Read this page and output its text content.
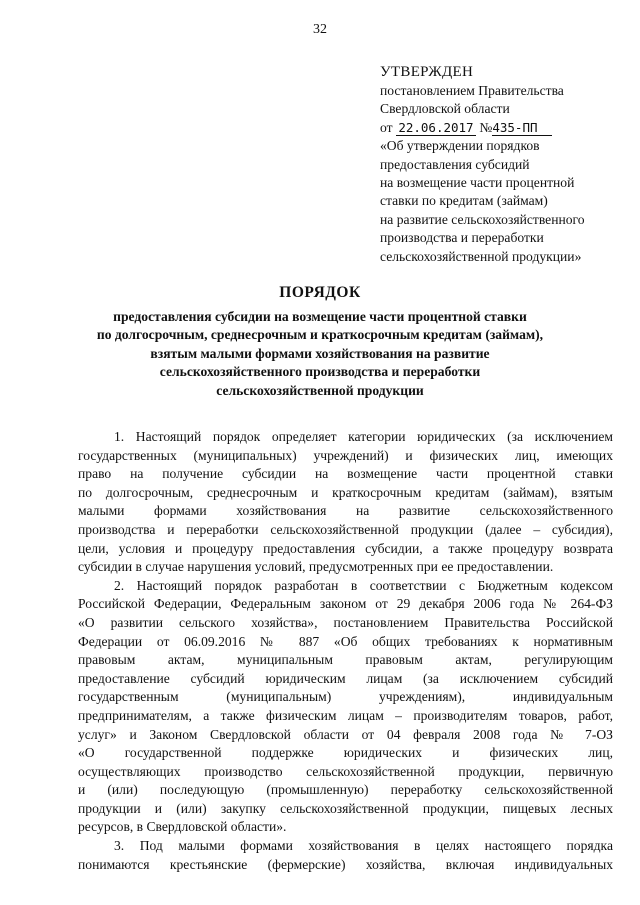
32
УТВЕРЖДЕН
постановлением Правительства
Свердловской области
от 22.06.2017 №435-ПП
«Об утверждении порядков
предоставления субсидий
на возмещение части процентной
ставки по кредитам (займам)
на развитие сельскохозяйственного
производства и переработки
сельскохозяйственной продукции»
ПОРЯДОК
предоставления субсидии на возмещение части процентной ставки
по долгосрочным, среднесрочным и краткосрочным кредитам (займам),
взятым малыми формами хозяйствования на развитие
сельскохозяйственного производства и переработки
сельскохозяйственной продукции
1. Настоящий порядок определяет категории юридических (за исключением
государственных (муниципальных) учреждений) и физических лиц, имеющих
право на получение субсидии на возмещение части процентной ставки
по долгосрочным, среднесрочным и краткосрочным кредитам (займам), взятым
малыми формами хозяйствования на развитие сельскохозяйственного
производства и переработки сельскохозяйственной продукции (далее – субсидия),
цели, условия и процедуру предоставления субсидии, а также процедуру возврата
субсидии в случае нарушения условий, предусмотренных при ее предоставлении.
2. Настоящий порядок разработан в соответствии с Бюджетным кодексом
Российской Федерации, Федеральным законом от 29 декабря 2006 года № 264-ФЗ
«О развитии сельского хозяйства», постановлением Правительства Российской
Федерации от 06.09.2016 № 887 «Об общих требованиях к нормативным
правовым актам, муниципальным правовым актам, регулирующим
предоставление субсидий юридическим лицам (за исключением субсидий
государственным (муниципальным) учреждениям), индивидуальным
предпринимателям, а также физическим лицам – производителям товаров, работ,
услуг» и Законом Свердловской области от 04 февраля 2008 года № 7-ОЗ
«О государственной поддержке юридических и физических лиц,
осуществляющих производство сельскохозяйственной продукции, первичную
и (или) последующую (промышленную) переработку сельскохозяйственной
продукции и (или) закупку сельскохозяйственной продукции, пищевых лесных
ресурсов, в Свердловской области».
3. Под малыми формами хозяйствования в целях настоящего порядка
понимаются крестьянские (фермерские) хозяйства, включая индивидуальных
